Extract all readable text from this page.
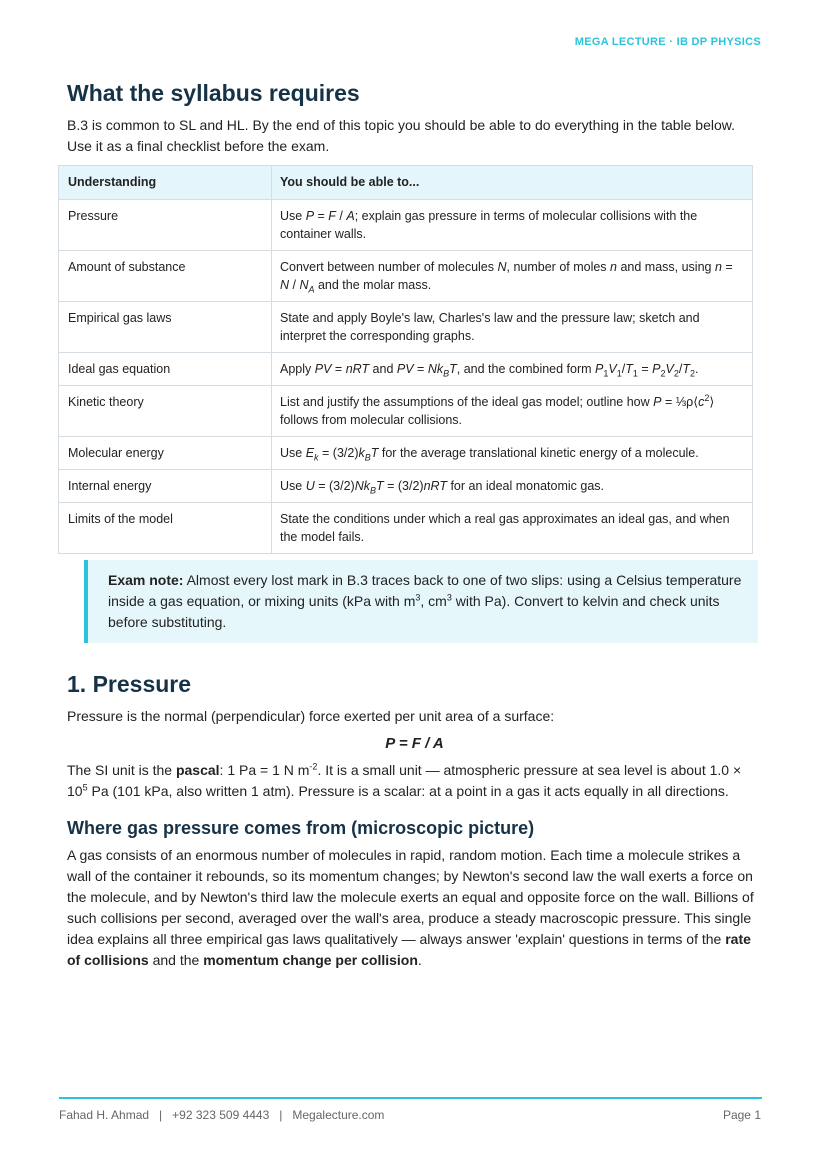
MEGA LECTURE · IB DP PHYSICS
What the syllabus requires

B.3 is common to SL and HL. By the end of this topic you should be able to do everything in the table below. Use it as a final checklist before the exam.

Understanding	You should be able to...
Pressure	Use P = F / A; explain gas pressure in terms of molecular collisions with the container walls.
Amount of substance	Convert between number of molecules N, number of moles n and mass, using $n = N / N_A$ and the molar mass.
Empirical gas laws	State and apply Boyle's law, Charles's law and the pressure law; sketch and interpret the corresponding graphs.
Ideal gas equation	Apply PV = nRT and PV = $Nk_BT$, and the combined form $P_1V_1/T_1 = P_2V_2/T_2$.
Kinetic theory	List and justify the assumptions of the ideal gas model; outline how $P = \frac{1}{3}\rho⟨c^2⟩$ follows from molecular collisions.
Molecular energy	Use $E_k = (3/2)k_BT$ for the average translational kinetic energy of a molecule.
Internal energy	Use $U = (3/2)Nk_BT = (3/2)nRT$ for an ideal monatomic gas.
Limits of the model	State the conditions under which a real gas approximates an ideal gas, and when the model fails.
Exam note: Almost every lost mark in B.3 traces back to one of two slips: using a Celsius temperature inside a gas equation, or mixing units (kPa with $m^3$, $cm^3$ with Pa). Convert to kelvin and check units before substituting.
1. Pressure

Pressure is the normal (perpendicular) force exerted per unit area of a surface:

P = F / A

The SI unit is the pascal: 1 Pa = 1 N $m^{-2}$. It is a small unit — atmospheric pressure at sea level is about $1.0 \times 10^5$ Pa (101 kPa, also written 1 atm). Pressure is a scalar: at a point in a gas it acts equally in all directions.

Where gas pressure comes from (microscopic picture)

A gas consists of an enormous number of molecules in rapid, random motion. Each time a molecule strikes a wall of the container it rebounds, so its momentum changes; by Newton's second law the wall exerts a force on the molecule, and by Newton's third law the molecule exerts an equal and opposite force on the wall. Billions of such collisions per second, averaged over the wall's area, produce a steady macroscopic pressure. This single idea explains all three empirical gas laws qualitatively — always answer 'explain' questions in terms of the rate of collisions and the momentum change per collision.

Fahad H. Ahmad   |   +92 323 509 4443   |   Megalecture.com	Page 1
